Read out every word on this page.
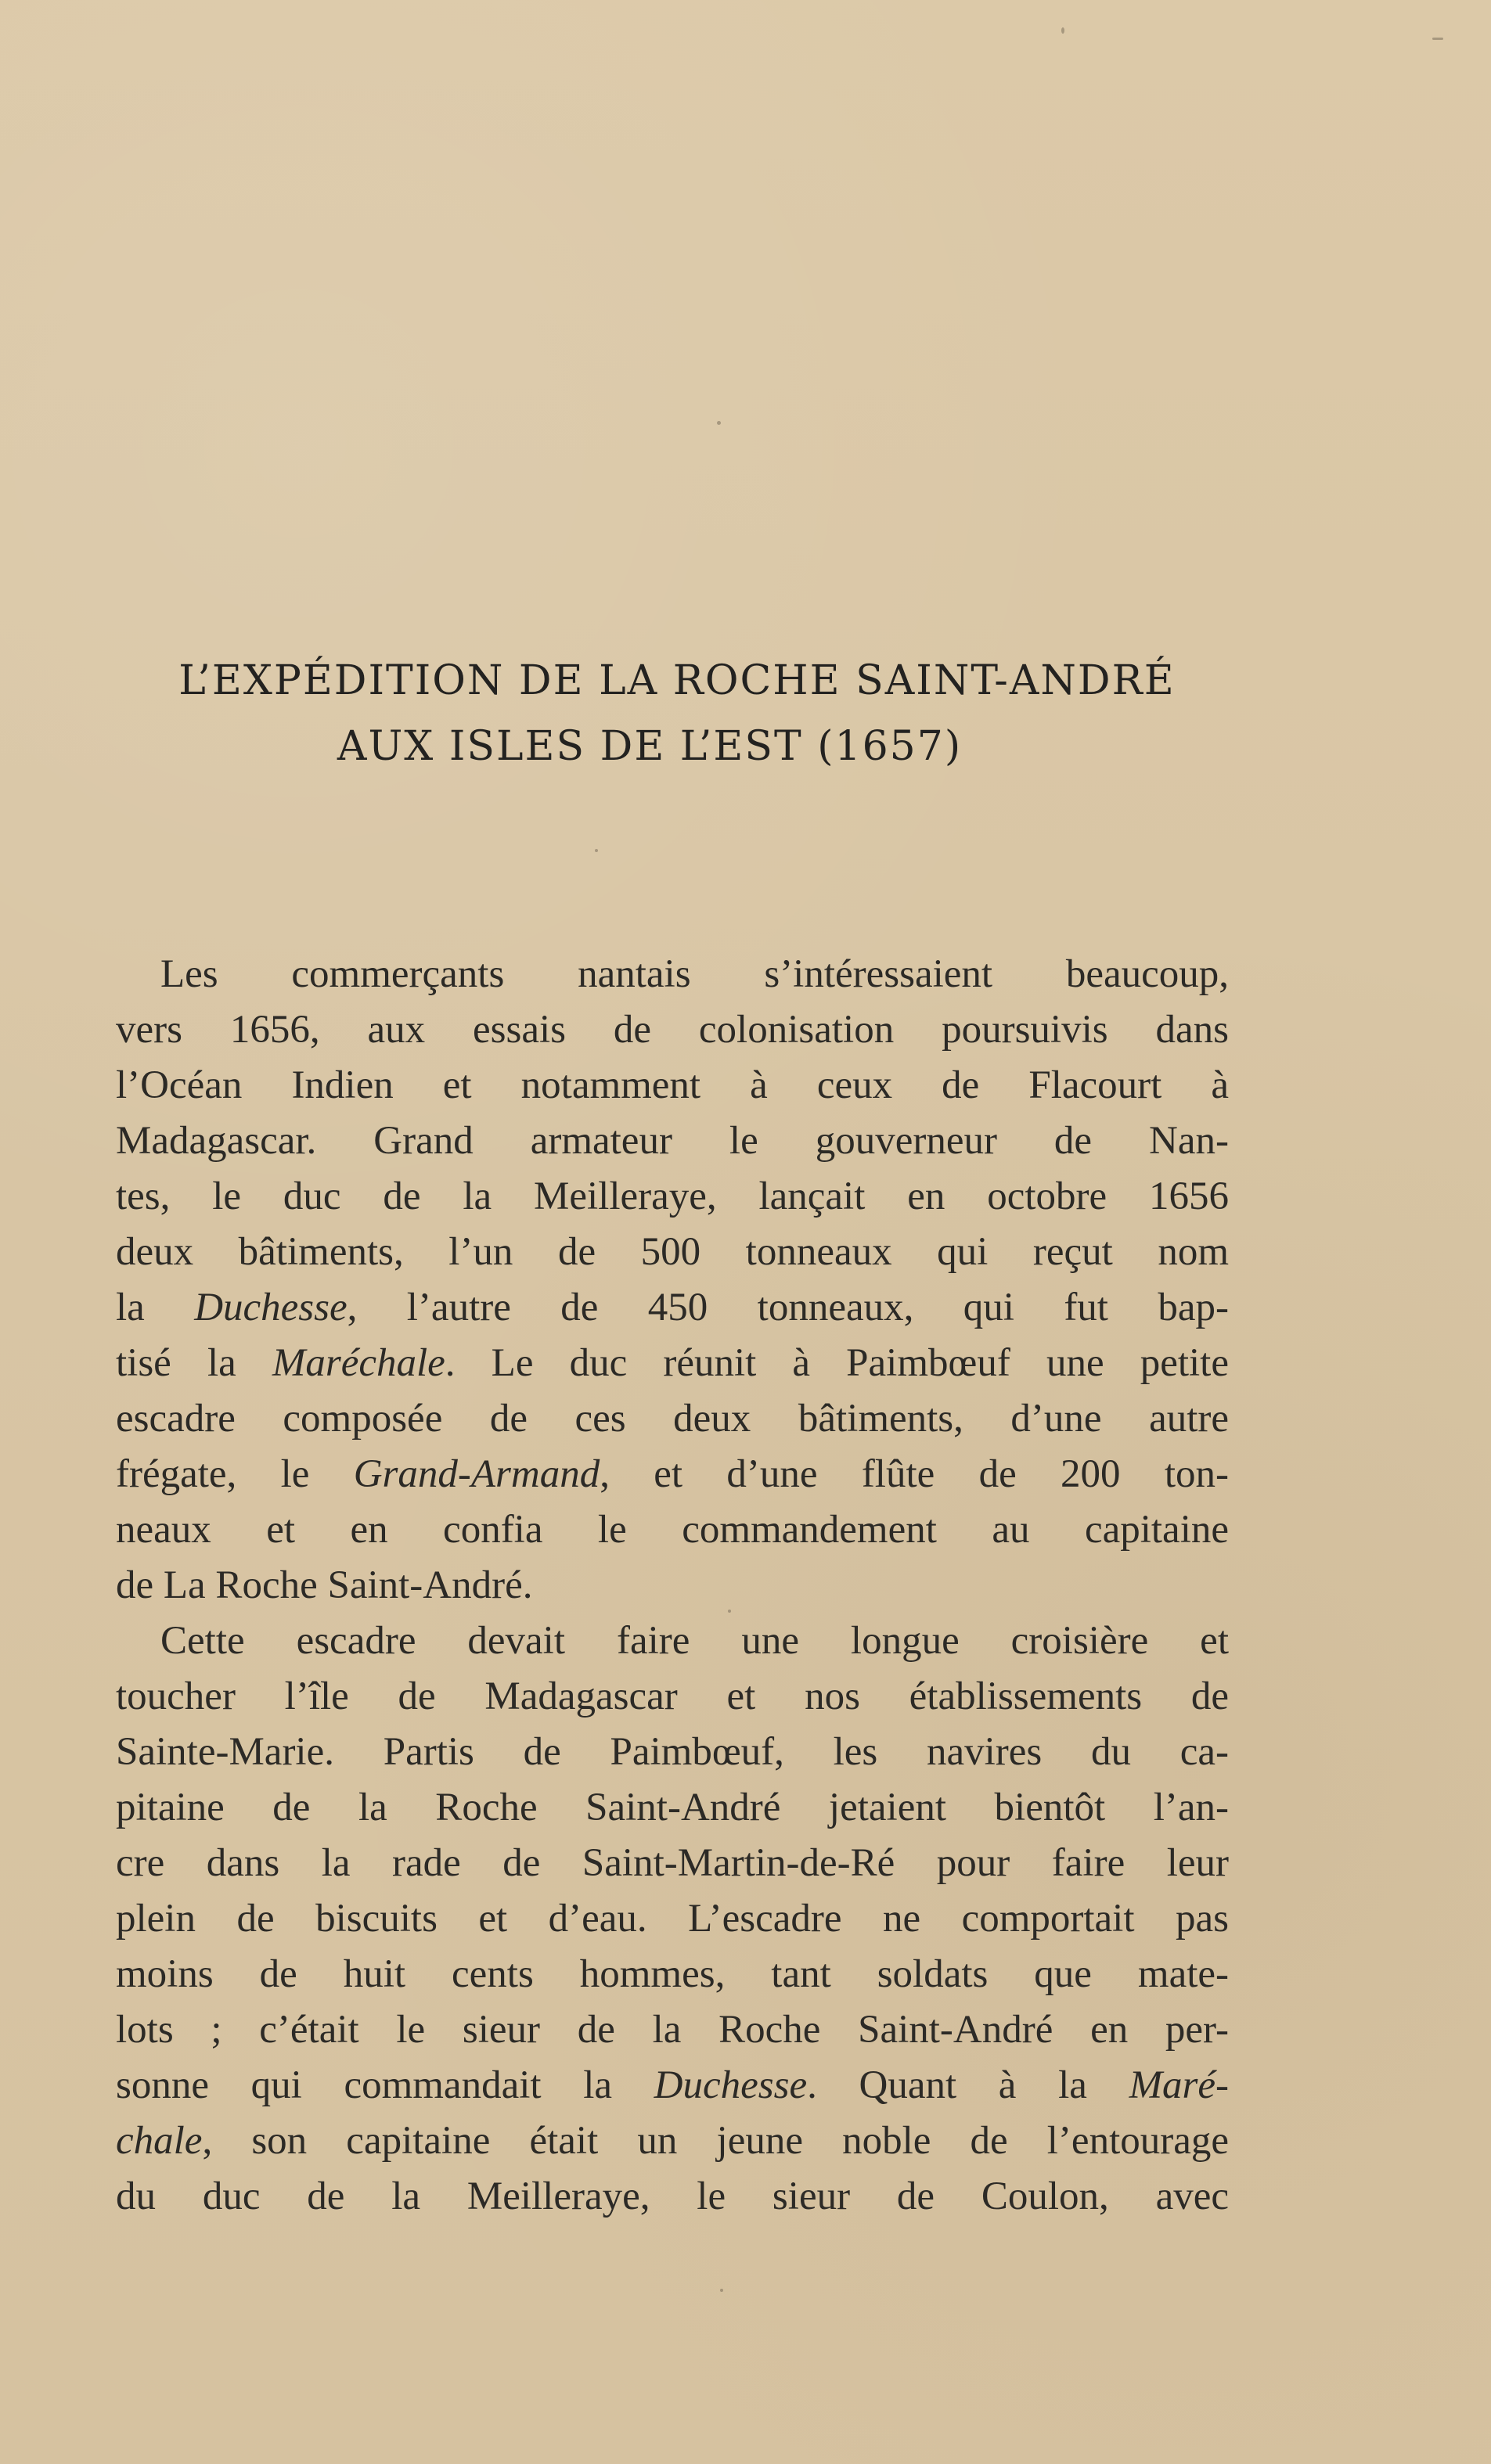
L’EXPÉDITION DE LA ROCHE SAINT-ANDRÉ
AUX ISLES DE L’EST (1657)
Les commerçants nantais s’intéressaient beaucoup,
vers 1656, aux essais de colonisation poursuivis dans
l’Océan Indien et notamment à ceux de Flacourt à
Madagascar. Grand armateur le gouverneur de Nan-
tes, le duc de la Meilleraye, lançait en octobre 1656
deux bâtiments, l’un de 500 tonneaux qui reçut nom
la Duchesse, l’autre de 450 tonneaux, qui fut bap-
tisé la Maréchale. Le duc réunit à Paimbœuf une petite
escadre composée de ces deux bâtiments, d’une autre
frégate, le Grand-Armand, et d’une flûte de 200 ton-
neaux et en confia le commandement au capitaine
de La Roche Saint-André.
Cette escadre devait faire une longue croisière et
toucher l’île de Madagascar et nos établissements de
Sainte-Marie. Partis de Paimbœuf, les navires du ca-
pitaine de la Roche Saint-André jetaient bientôt l’an-
cre dans la rade de Saint-Martin-de-Ré pour faire leur
plein de biscuits et d’eau. L’escadre ne comportait pas
moins de huit cents hommes, tant soldats que mate-
lots ; c’était le sieur de la Roche Saint-André en per-
sonne qui commandait la Duchesse. Quant à la Maré-
chale, son capitaine était un jeune noble de l’entourage
du duc de la Meilleraye, le sieur de Coulon, avec
